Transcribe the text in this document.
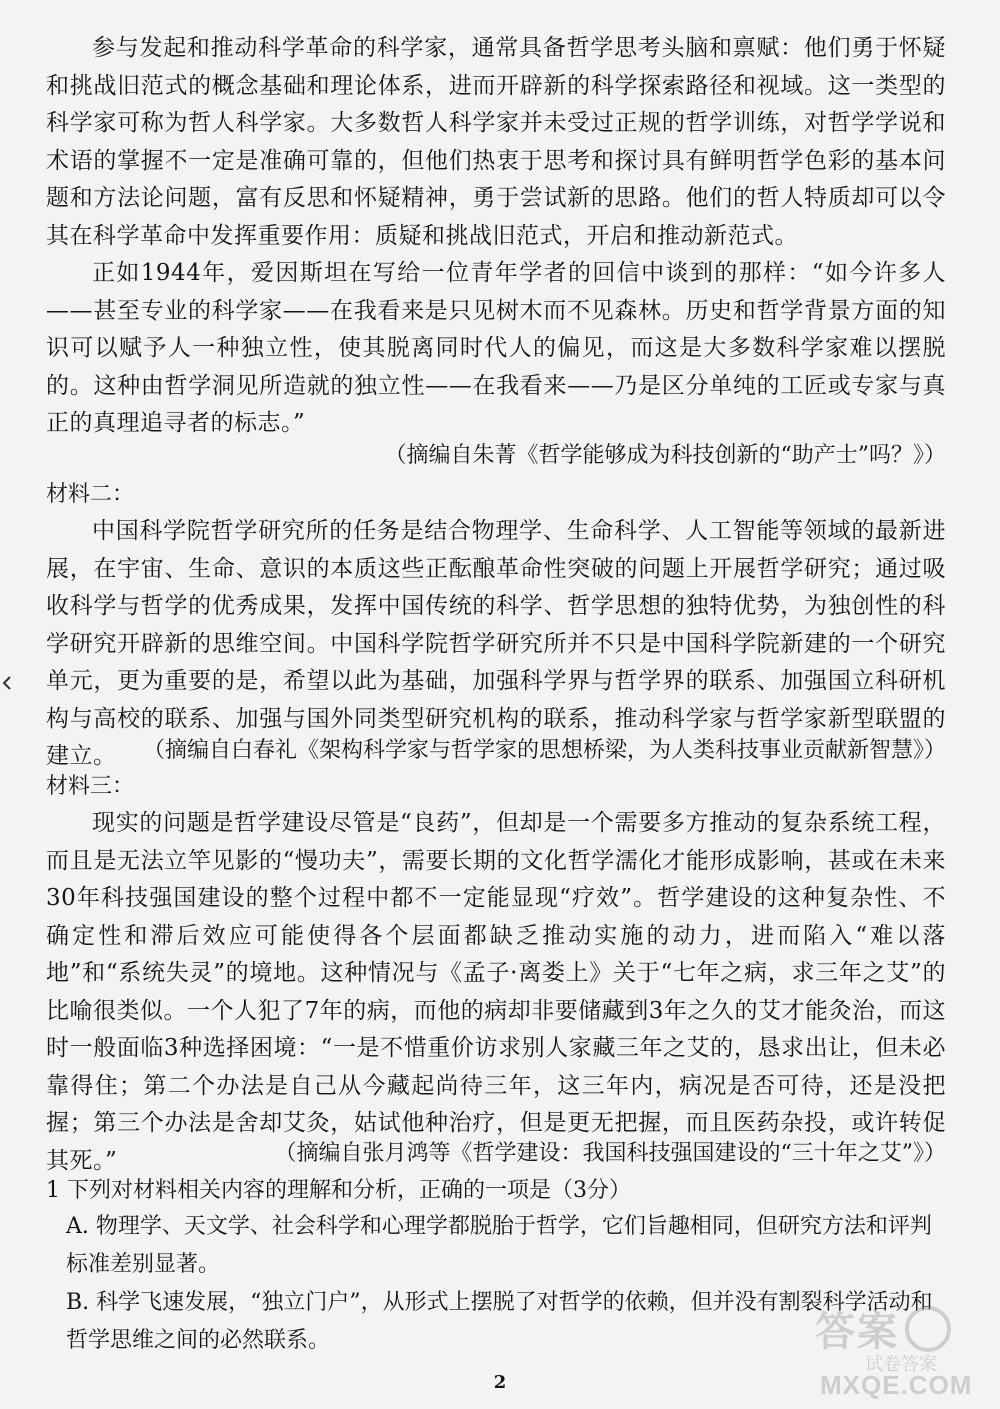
参与发起和推动科学革命的科学家，通常具备哲学思考头脑和禀赋：他们勇于怀疑和挑战旧范式的概念基础和理论体系，进而开辟新的科学探索路径和视域。这一类型的科学家可称为哲人科学家。大多数哲人科学家并未受过正规的哲学训练，对哲学学说和术语的掌握不一定是准确可靠的，但他们热衷于思考和探讨具有鲜明哲学色彩的基本问题和方法论问题，富有反思和怀疑精神，勇于尝试新的思路。他们的哲人特质却可以令其在科学革命中发挥重要作用：质疑和挑战旧范式，开启和推动新范式。

正如1944年，爱因斯坦在写给一位青年学者的回信中谈到的那样：“如今许多人——甚至专业的科学家——在我看来是只见树木而不见森林。历史和哲学背景方面的知识可以赋予人一种独立性，使其脱离同时代人的偏见，而这是大多数科学家难以摆脱的。这种由哲学洞见所造就的独立性——在我看来——乃是区分单纯的工匠或专家与真正的真理追寻者的标志。”

（摘编自朱菁《哲学能够成为科技创新的“助产士”吗？》）

材料二：

中国科学院哲学研究所的任务是结合物理学、生命科学、人工智能等领域的最新进展，在宇宙、生命、意识的本质这些正酝酿革命性突破的问题上开展哲学研究；通过吸收科学与哲学的优秀成果，发挥中国传统的科学、哲学思想的独特优势，为独创性的科学研究开辟新的思维空间。中国科学院哲学研究所并不只是中国科学院新建的一个研究单元，更为重要的是，希望以此为基础，加强科学界与哲学界的联系、加强国立科研机构与高校的联系、加强与国外同类型研究机构的联系，推动科学家与哲学家新型联盟的建立。	（摘编自白春礼《架构科学家与哲学家的思想桥梁，为人类科技事业贡献新智慧》）

材料三：

现实的问题是哲学建设尽管是“良药”，但却是一个需要多方推动的复杂系统工程，而且是无法立竿见影的“慢功夫”，需要长期的文化哲学濡化才能形成影响，甚或在未来30年科技强国建设的整个过程中都不一定能显现“疗效”。哲学建设的这种复杂性、不确定性和滞后效应可能使得各个层面都缺乏推动实施的动力，进而陷入“难以落地”和“系统失灵”的境地。这种情况与《孟子·离娄上》关于“七年之病，求三年之艾”的比喻很类似。一个人犯了7年的病，而他的病却非要储藏到3年之久的艾才能灸治，而这时一般面临3种选择困境：“一是不惜重价访求别人家藏三年之艾的，恳求出让，但未必靠得住；第二个办法是自己从今藏起尚待三年，这三年内，病况是否可待，还是没把握；第三个办法是舍却艾灸，姑试他种治疗，但是更无把握，而且医药杂投，或许转促其死。”	（摘编自张月鸿等《哲学建设：我国科技强国建设的“三十年之艾”》）

1 下列对材料相关内容的理解和分析，正确的一项是（3分）

A. 物理学、天文学、社会科学和心理学都脱胎于哲学，它们旨趣相同，但研究方法和评判标准差别显著。

B. 科学飞速发展，“独立门户”，从形式上摆脱了对哲学的依赖，但并没有割裂科学活动和哲学思维之间的必然联系。

2
答案
试卷答案
MXQE.COM
